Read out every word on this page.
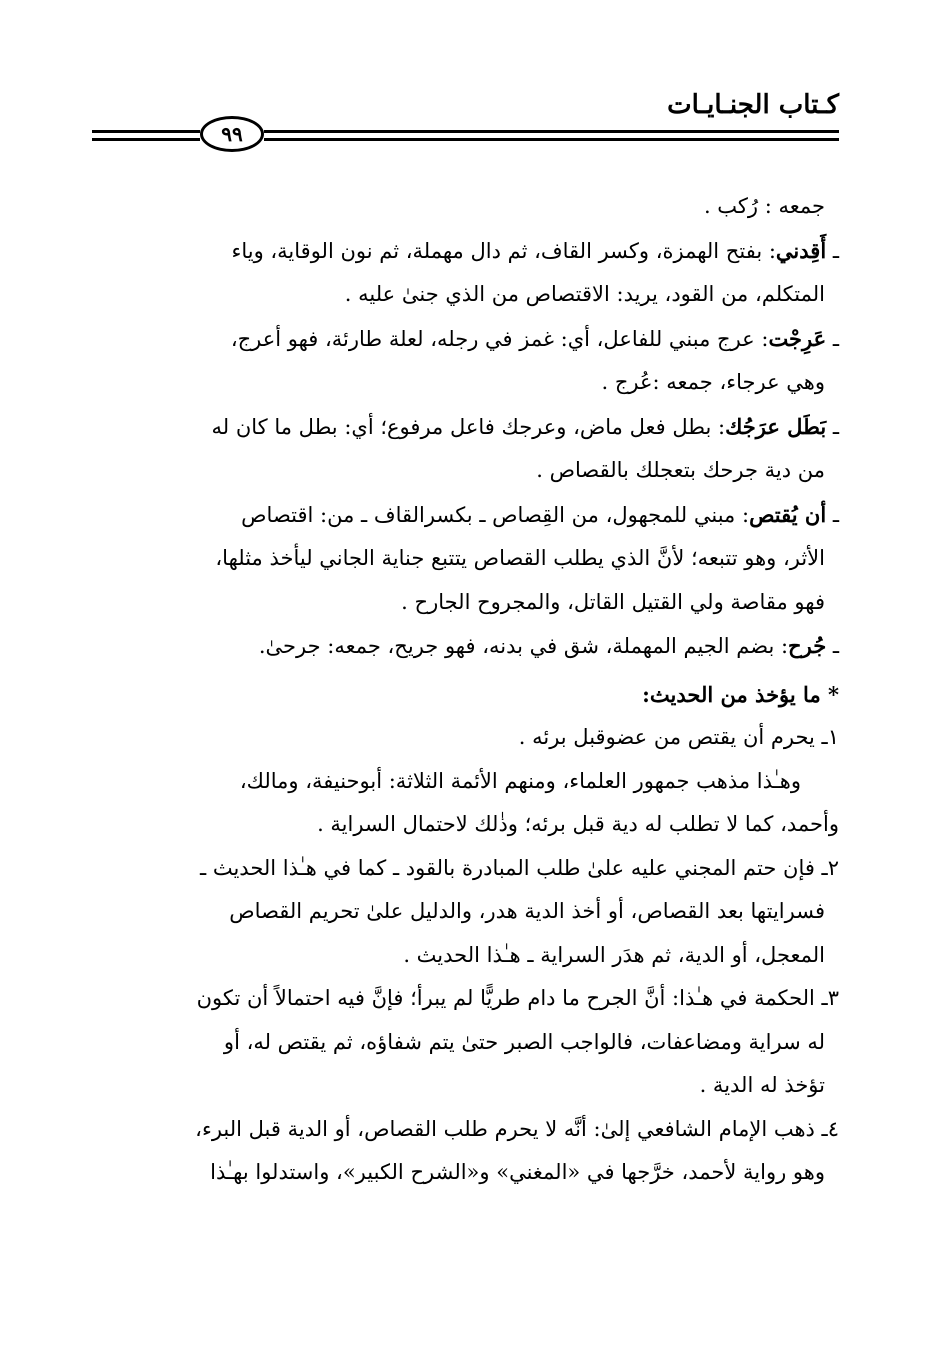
كـتاب الجنـايـات
٩٩

جمعه : رُكب .

ـ أَقِدني: بفتح الهمزة، وكسر القاف، ثم دال مهملة، ثم نون الوقاية، وياء

المتكلم، من القود، يريد: الاقتصاص من الذي جنىٰ عليه .

ـ عَرِجْت: عرج مبني للفاعل، أي: غمز في رجله، لعلة طارئة، فهو أعرج،

وهي عرجاء، جمعه :عُرج .

ـ بَطَل عرَجُك: بطل فعل ماض، وعرجك فاعل مرفوع؛ أي: بطل ما كان له

من دية جرحك بتعجلك بالقصاص .

ـ أن يُقتص: مبني للمجهول، من القِصاص ـ بكسرالقاف ـ من: اقتصاص

الأثر، وهو تتبعه؛ لأنَّ الذي يطلب القصاص يتتبع جناية الجاني ليأخذ مثلها،

فهو مقاصة ولي القتيل القاتل، والمجروح الجارح .

ـ جُرح: بضم الجيم المهملة، شق في بدنه، فهو جريح، جمعه: جرحىٰ.

* ما يؤخذ من الحديث:

١ـ يحرم أن يقتص من عضوقبل برئه .

وهـٰذا مذهب جمهور العلماء، ومنهم الأئمة الثلاثة: أبوحنيفة، ومالك،

وأحمد، كما لا تطلب له دية قبل برئه؛ وذٰلك لاحتمال السراية .

٢ـ فإن حتم المجني عليه علىٰ طلب المبادرة بالقود ـ كما في هـٰذا الحديث ـ

فسرايتها بعد القصاص، أو أخذ الدية هدر، والدليل علىٰ تحريم القصاص

المعجل، أو الدية، ثم هدَر السراية ـ هـٰذا الحديث .

٣ـ الحكمة في هـٰذا: أنَّ الجرح ما دام طريًّا لم يبرأ؛ فإنَّ فيه احتمالاً أن تكون

له سراية ومضاعفات، فالواجب الصبر حتىٰ يتم شفاؤه، ثم يقتص له، أو

تؤخذ له الدية .

٤ـ ذهب الإمام الشافعي إلىٰ: أنَّه لا يحرم طلب القصاص، أو الدية قبل البرء،

وهو رواية لأحمد، خرَّجها في «المغني» و«الشرح الكبير»، واستدلوا بهـٰذا
